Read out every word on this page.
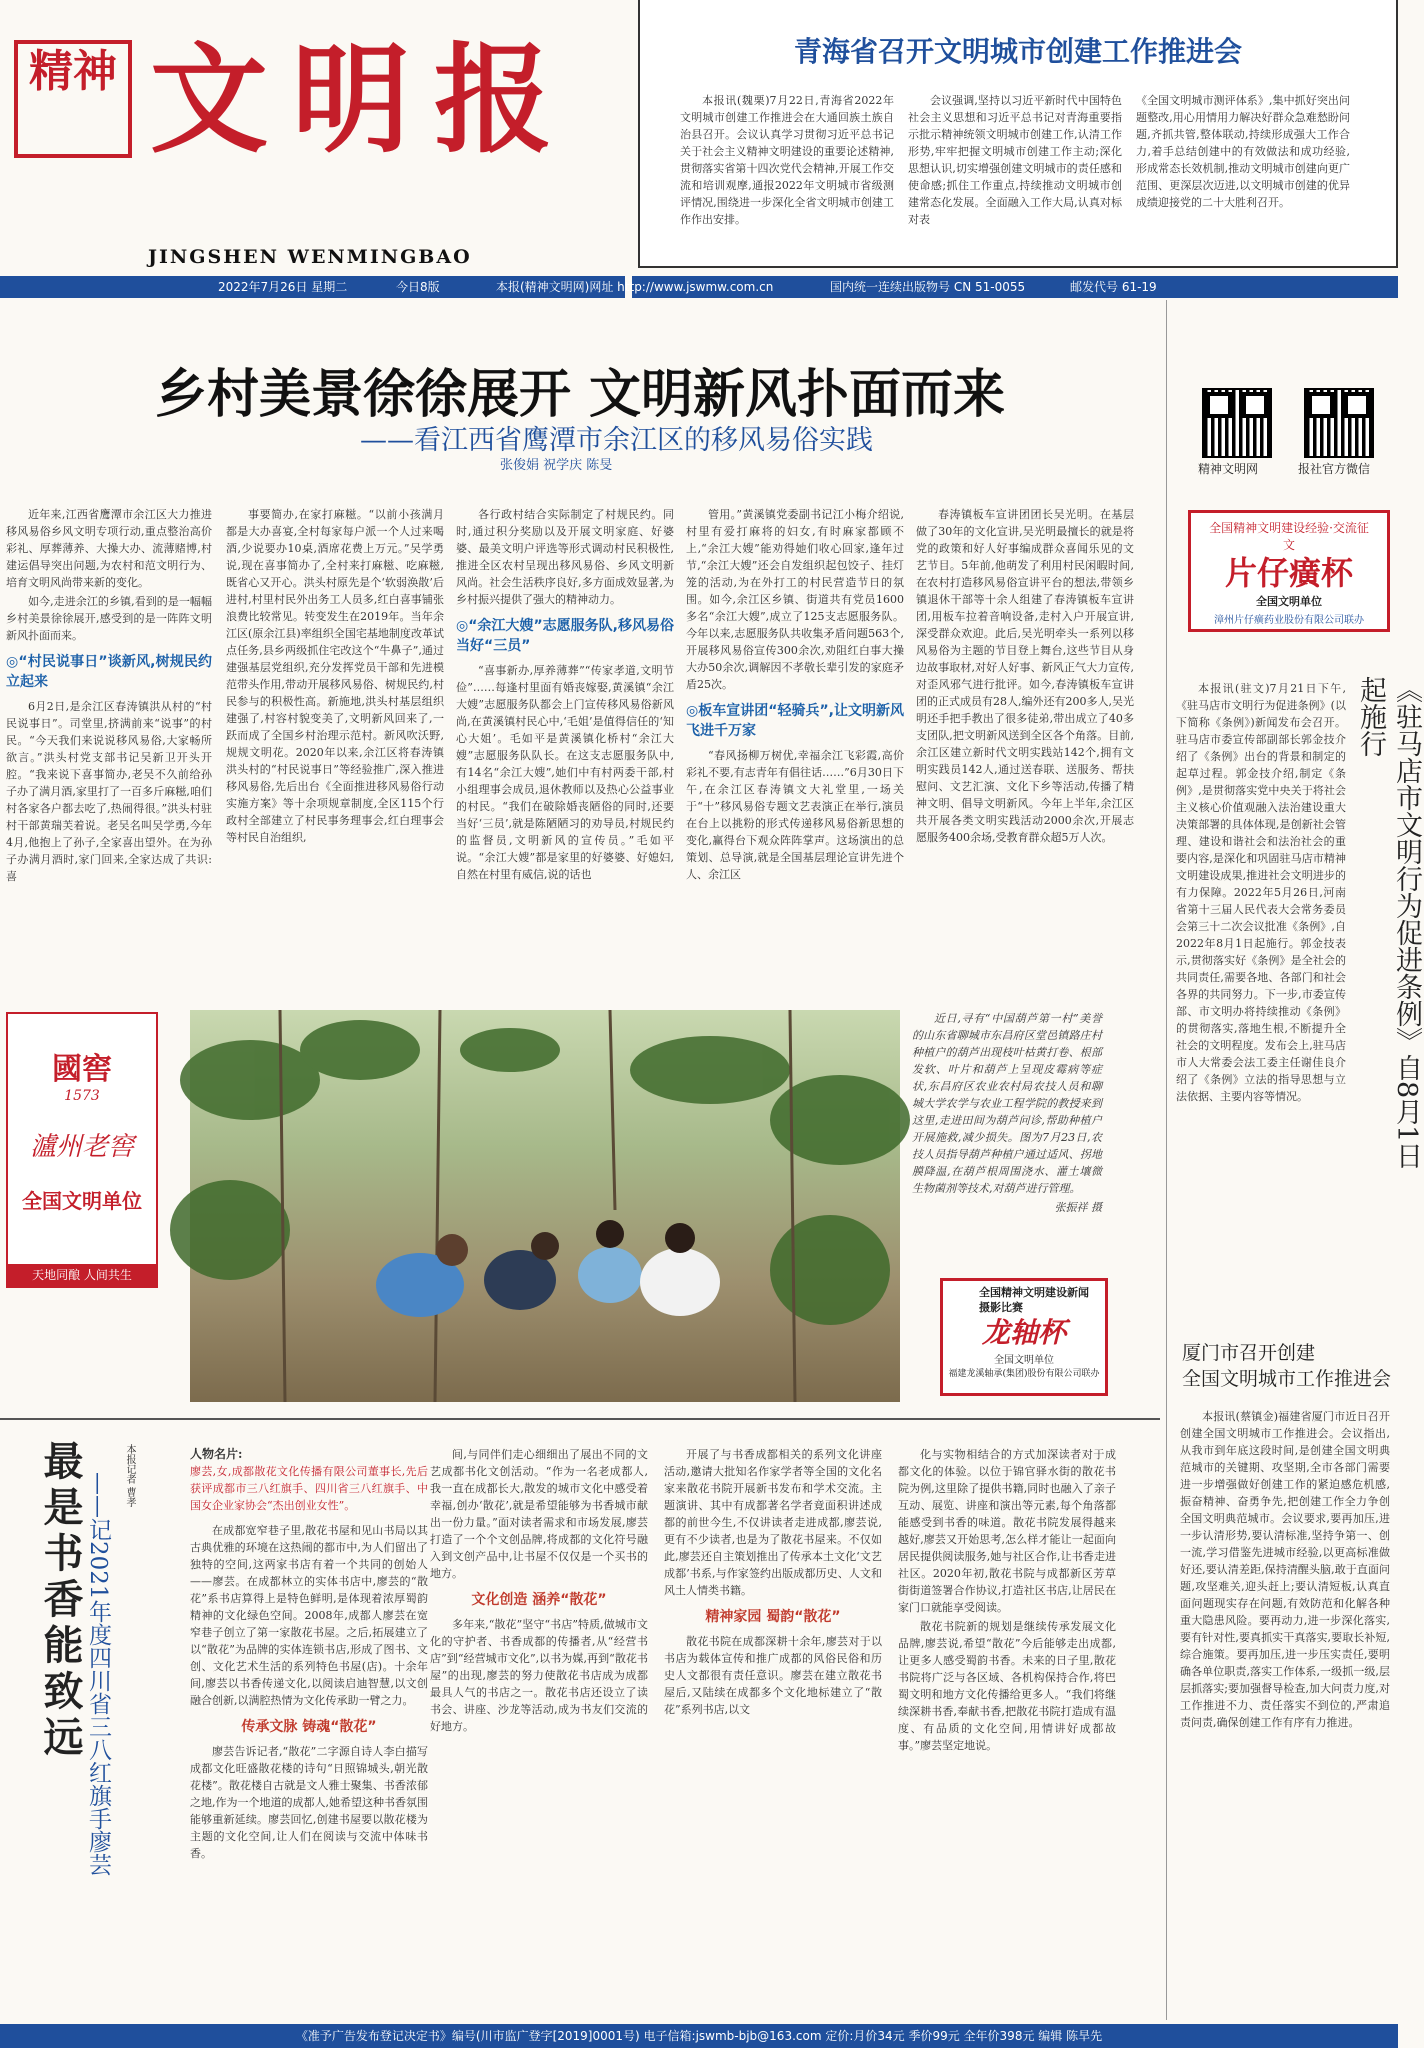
精神 文明报
JINGSHEN WENMINGBAO
2022年7月26日 星期二	今日8版	本报(精神文明网)网址 http://www.jswmw.com.cn	国内统一连续出版物号 CN 51-0055	邮发代号 61-19
青海省召开文明城市创建工作推进会

本报讯(魏栗)7月22日,青海省2022年文明城市创建工作推进会在大通回族土族自治县召开。会议认真学习贯彻习近平总书记关于社会主义精神文明建设的重要论述精神,贯彻落实省第十四次党代会精神,开展工作交流和培训观摩,通报2022年文明城市省级测评情况,围绕进一步深化全省文明城市创建工作作出安排。

会议强调,坚持以习近平新时代中国特色社会主义思想和习近平总书记对青海重要指示批示精神统领文明城市创建工作,认清工作形势,牢牢把握文明城市创建工作主动;深化思想认识,切实增强创建文明城市的责任感和使命感;抓住工作重点,持续推动文明城市创建常态化发展。全面融入工作大局,认真对标对表

《全国文明城市测评体系》,集中抓好突出问题整改,用心用情用力解决好群众急难愁盼问题,齐抓共管,整体联动,持续形成强大工作合力,着手总结创建中的有效做法和成功经验,形成常态长效机制,推动文明城市创建向更广范围、更深层次迈进,以文明城市创建的优异成绩迎接党的二十大胜利召开。

乡村美景徐徐展开 文明新风扑面而来
——看江西省鹰潭市余江区的移风易俗实践
张俊娟 祝学庆 陈旻

近年来,江西省鹰潭市余江区大力推进移风易俗乡风文明专项行动,重点整治高价彩礼、厚葬薄养、大操大办、流薄赌博,村建运倡导突出问题,为农村和范文明行为、培育文明风尚带来新的变化。

如今,走进余江的乡镇,看到的是一幅幅乡村美景徐徐展开,感受到的是一阵阵文明新风扑面而来。

◎“村民说事日”谈新风,树规民约立起来

6月2日,是余江区春涛镇洪从村的“村民说事日”。司堂里,挤满前来“说事”的村民。“今天我们来说说移风易俗,大家畅所欲言。”洪头村党支部书记吴新卫开头开腔。“我来说下喜事简办,老吴不久前给孙子办了满月酒,家里打了一百多斤麻糍,咱们村各家各户都去吃了,热闹得很。”洪头村驻村干部黄瑞芙着说。老吴名叫吴学勇,今年4月,他抱上了孙子,全家喜出望外。在为孙子办满月酒时,家门回来,全家达成了共识:喜

事要简办,在家打麻糍。“以前小孩满月都是大办喜宴,全村每家每户派一个人过来喝酒,少说要办10桌,酒席花费上万元。”吴学勇说,现在喜事简办了,全村来打麻糍、吃麻糍,既省心又开心。洪头村原先是个‘软弱涣散’后进村,村里村民外出务工人员多,红白喜事铺张浪费比较常见。转变发生在2019年。当年余江区(原余江县)率组织全国宅基地制度改革试点任务,县乡两级抓住宅改这个“牛鼻子”,通过建强基层党组织,充分发挥党员干部和先进模范带头作用,带动开展移风易俗、树规民约,村民参与的积极性高。新施地,洪头村基层组织建强了,村容村貌变美了,文明新风回来了,一跃而成了全国乡村治理示范村。新风吹沃野,规规文明花。2020年以来,余江区将春涛镇洪头村的“村民说事日”等经验推广,深入推进移风易俗,先后出台《全面推进移风易俗行动实施方案》等十余项规章制度,全区115个行政村全部建立了村民事务理事会,红白理事会等村民自治组织,

各行政村结合实际制定了村规民约。同时,通过积分奖励以及开展文明家庭、好婆婆、最美文明户评选等形式调动村民积极性,推进全区农村呈现出移风易俗、乡风文明新风尚。社会生活秩序良好,多方面成效显著,为乡村振兴提供了强大的精神动力。

◎“余江大嫂”志愿服务队,移风易俗当好“三员”

“喜事新办,厚养薄葬”“传家孝道,文明节俭”……每逢村里面有婚丧嫁娶,黄溪镇“余江大嫂”志愿服务队都会上门宣传移风易俗新风尚,在黄溪镇村民心中,‘毛姐’是值得信任的‘知心大姐’。毛如平是黄溪镇化桥村“余江大嫂”志愿服务队队长。在这支志愿服务队中,有14名“余江大嫂”,她们中有村两委干部,村小组理事会成员,退休教师以及热心公益事业的村民。“我们在破除婚丧陋俗的同时,还要当好‘三员’,就是陈陋陋习的劝导员,村规民约的监督员,文明新风的宣传员。”毛如平说。“余江大嫂”都是家里的好婆婆、好媳妇,自然在村里有威信,说的话也

管用。”黄溪镇党委副书记江小梅介绍说,村里有爱打麻将的妇女,有时麻家都顾不上,“余江大嫂”能劝得她们收心回家,逢年过节,“余江大嫂”还会自发组织起包饺子、挂灯笼的活动,为在外打工的村民营造节日的氛围。如今,余江区乡镇、街道共有党员1600多名“余江大嫂”,成立了125支志愿服务队。今年以来,志愿服务队共收集矛盾问题563个,开展移风易俗宣传300余次,劝阻红白事大操大办50余次,调解因不孝敬长辈引发的家庭矛盾25次。

◎板车宣讲团“轻骑兵”,让文明新风飞进千万家

“春风扬柳万树优,幸福余江飞彩霞,高价彩礼不要,有志青年有倡往话……”6月30日下午,在余江区春涛镇文大礼堂里,一场关于“十”移风易俗专题文艺表演正在举行,演员在台上以挑粉的形式传递移风易俗新思想的变化,赢得台下观众阵阵掌声。这场演出的总策划、总导演,就是全国基层理论宣讲先进个人、余江区

春涛镇板车宣讲团团长吴光明。在基层做了30年的文化宣讲,吴光明最擅长的就是将党的政策和好人好事编成群众喜闻乐见的文艺节目。5年前,他萌发了利用村民闲暇时间,在农村打造移风易俗宣讲平台的想法,带领乡镇退休干部等十余人组建了春涛镇板车宣讲团,用板车拉着音响设备,走村入户开展宣讲,深受群众欢迎。此后,吴光明牵头一系列以移风易俗为主题的节目登上舞台,这些节目从身边故事取材,对好人好事、新风正气大力宣传,对歪风邪气进行批评。如今,春涛镇板车宣讲团的正式成员有28人,编外还有200多人,吴光明还手把手教出了很多徒弟,带出成立了40多支团队,把文明新风送到全区各个角落。目前,余江区建立新时代文明实践站142个,拥有文明实践员142人,通过送春联、送服务、帮扶慰问、文艺汇演、文化下乡等活动,传播了精神文明、倡导文明新风。今年上半年,余江区共开展各类文明实践活动2000余次,开展志愿服务400余场,受教育群众超5万人次。

精神文明网	报社官方微信
全国精神文明建设经验·交流征文
片仔癀杯
全国文明单位
漳州片仔癀药业股份有限公司联办
《驻马店市文明行为促进条例》自8月1日起施行

本报讯(驻文)7月21日下午,《驻马店市文明行为促进条例》(以下简称《条例》)新闻发布会召开。驻马店市委宣传部副部长郭金技介绍了《条例》出台的背景和制定的起草过程。郭金技介绍,制定《条例》,是贯彻落实党中央关于将社会主义核心价值观融入法治建设重大决策部署的具体体现,是创新社会管理、建设和谐社会和法治社会的重要内容,是深化和巩固驻马店市精神文明建设成果,推进社会文明进步的有力保障。2022年5月26日,河南省第十三届人民代表大会常务委员会第三十二次会议批准《条例》,自2022年8月1日起施行。郭金技表示,贯彻落实好《条例》是全社会的共同责任,需要各地、各部门和社会各界的共同努力。下一步,市委宣传部、市文明办将持续推动《条例》的贯彻落实,落地生根,不断提升全社会的文明程度。发布会上,驻马店市人大常委会法工委主任谢佳良介绍了《条例》立法的指导思想与立法依据、主要内容等情况。

國窖
1573
瀘州老窖
全国文明单位
天地同酿 人间共生

近日,寻有“中国葫芦第一村”美誉的山东省聊城市东昌府区堂邑镇路庄村种植户的葫芦出现枝叶枯黄打卷、根部发软、叶片和葫芦上呈现皮霉病等症状,东昌府区农业农村局农技人员和聊城大学农学与农业工程学院的教授来到这里,走进田间为葫芦问诊,帮助种植户开展施救,减少损失。图为7月23日,农技人员指导葫芦种植户通过适风、拐地膜降温,在葫芦根周围浇水、灌土壤微生物菌剂等技术,对葫芦进行管理。

张振祥 摄

全国精神文明建设新闻摄影比赛
龙轴杯
全国文明单位
福建龙溪轴承(集团)股份有限公司联办
厦门市召开创建
全国文明城市工作推进会

本报讯(蔡镇金)福建省厦门市近日召开创建全国文明城市工作推进会。会议指出,从我市到年底这段时间,是创建全国文明典范城市的关键期、攻坚期,全市各部门需要进一步增强做好创建工作的紧迫感危机感,振奋精神、奋勇争先,把创建工作全力争创全国文明典范城市。会议要求,要再加压,进一步认清形势,要认清标准,坚持争第一、创一流,学习借鉴先进城市经验,以更高标准做好还,要认清差距,保持清醒头脑,敢于直面问题,攻坚难关,迎头赶上;要认清短板,认真直面问题现实存在问题,有效防范和化解各种重大隐患风险。要再动力,进一步深化落实,要有针对性,要真抓实干真落实,要取长补短,综合施策。要再加压,进一步压实责任,要明确各单位职责,落实工作体系,一级抓一级,层层抓落实;要加强督导检查,加大问责力度,对工作推进不力、责任落实不到位的,严肃追责问责,确保创建工作有序有力推进。

本报记者 曹孝
最是书香能致远 ——记2021年度四川省三八红旗手廖芸
人物名片:
廖芸,女,成都散花文化传播有限公司董事长,先后获评成都市三八红旗手、四川省三八红旗手、中国女企业家协会“杰出创业女性”。

在成都宽窄巷子里,散花书屋和见山书局以其古典优雅的环境在这热闹的都市中,为人们留出了独特的空间,这两家书店有着一个共同的创始人——廖芸。在成都林立的实体书店中,廖芸的“散花”系书店算得上是特色鲜明,是体现着浓厚蜀韵精神的文化绿色空间。2008年,成都人廖芸在宽窄巷子创立了第一家散花书屋。之后,拓展建立了以“散花”为品牌的实体连锁书店,形成了图书、文创、文化艺术生活的系列特色书屋(店)。十余年间,廖芸以书香传递文化,以阅读启迪智慧,以文创融合创新,以满腔热情为文化传承助一臂之力。

传承文脉 铸魂“散花”

廖芸告诉记者,“散花”二字源自诗人李白描写成都文化旺盛散花楼的诗句“日照锦城头,朝光散花楼”。散花楼自古就是文人雅士聚集、书香浓郁之地,作为一个地道的成都人,她希望这种书香氛围能够重新延续。廖芸回忆,创建书屋要以散花楼为主题的文化空间,让人们在阅读与交流中体味书香。

间,与同伴们走心细细出了展出不同的文艺成都书化文创活动。“作为一名老成都人,我一直在成都长大,散发的城市文化中感受着幸福,创办‘散花’,就是希望能够为书香城市献出一份力量。”面对读者需求和市场发展,廖芸打造了一个个文创品牌,将成都的文化符号融入到文创产品中,让书屋不仅仅是一个买书的地方。

文化创造 涵养“散花”

多年来,“散花”坚守“书店”特质,做城市文化的守护者、书香成都的传播者,从“经营书店”到“经营城市文化”,以书为媒,再到“散花书屋”的出现,廖芸的努力使散花书店成为成都最具人气的书店之一。散花书店还设立了读书会、讲座、沙龙等活动,成为书友们交流的好地方。

开展了与书香成都相关的系列文化讲座活动,邀请大批知名作家学者等全国的文化名家来散花书院开展新书发布和学术交流。主题演讲、其中有成都著名学者竟面积讲述成都的前世今生,不仅讲读者走进成都,廖芸说,更有不少读者,也是为了散花书屋来。不仅如此,廖芸还自主策划推出了传承本土文化‘文艺成都’书系,与作家签约出版成都历史、人文和风土人情类书籍。

精神家园 蜀韵“散花”

散花书院在成都深耕十余年,廖芸对于以书店为载体宣传和推广成都的风俗民俗和历史人文都很有责任意识。廖芸在建立散花书屋后,又陆续在成都多个文化地标建立了“散花”系列书店,以文

化与实物相结合的方式加深读者对于成都文化的体验。以位于锦官驿水街的散花书院为例,这里除了提供书籍,同时也融入了亲子互动、展览、讲座和演出等元素,每个角落都能感受到书香的味道。散花书院发展得越来越好,廖芸又开始思考,怎么样才能让一起面向居民提供阅读服务,她与社区合作,让书香走进社区。2020年初,散花书院与成都新区芳草街街道签署合作协议,打造社区书店,让居民在家门口就能享受阅读。

散花书院新的规划是继续传承发展文化品牌,廖芸说,希望“散花”今后能够走出成都,让更多人感受蜀韵书香。未来的日子里,散花书院将广泛与各区域、各机构保持合作,将巴蜀文明和地方文化传播给更多人。“我们将继续深耕书香,奉献书香,把散花书院打造成有温度、有品质的文化空间,用情讲好成都故事。”廖芸坚定地说。

《准予广告发布登记决定书》编号(川市监广登字[2019]0001号) 电子信箱:jswmb-bjb@163.com 定价:月价34元 季价99元 全年价398元 编辑 陈旱先
